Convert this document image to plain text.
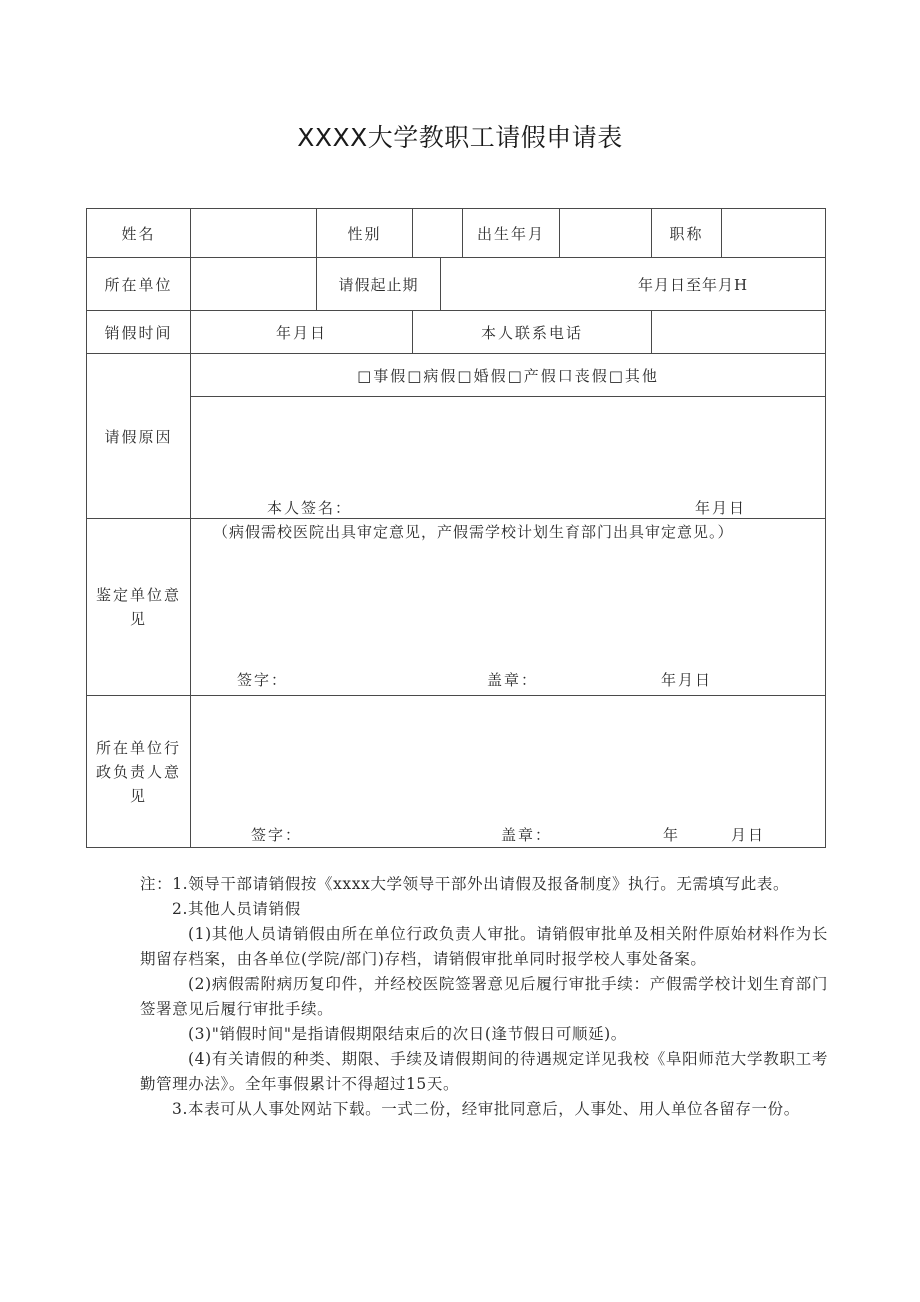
XXXX大学教职工请假申请表
姓名		性别			出生年月		职称	
所在单位		请假起止期		年月日至年月H				
销假时间	年月日		本人联系电话					
请假原因	□事假□病假□婚假□产假口丧假□其他							

	本人签名： 年月日							

鉴定单位意见	（病假需校医院出具审定意见，产假需学校计划生育部门出具审定意见。）
签字： 盖章： 年月日							

所在单位行政负责人意见	签字： 盖章： 年 月日							

注：1.领导干部请销假按《xxxx大学领导干部外出请假及报备制度》执行。无需填写此表。

2.其他人员请销假

(1)其他人员请销假由所在单位行政负责人审批。请销假审批单及相关附件原始材料作为长期留存档案，由各单位(学院/部门)存档，请销假审批单同时报学校人事处备案。

(2)病假需附病历复印件，并经校医院签署意见后履行审批手续：产假需学校计划生育部门签署意见后履行审批手续。

(3)"销假时间"是指请假期限结束后的次日(逢节假日可顺延)。

(4)有关请假的种类、期限、手续及请假期间的待遇规定详见我校《阜阳师范大学教职工考勤管理办法》。全年事假累计不得超过15天。

3.本表可从人事处网站下载。一式二份，经审批同意后，人事处、用人单位各留存一份。
